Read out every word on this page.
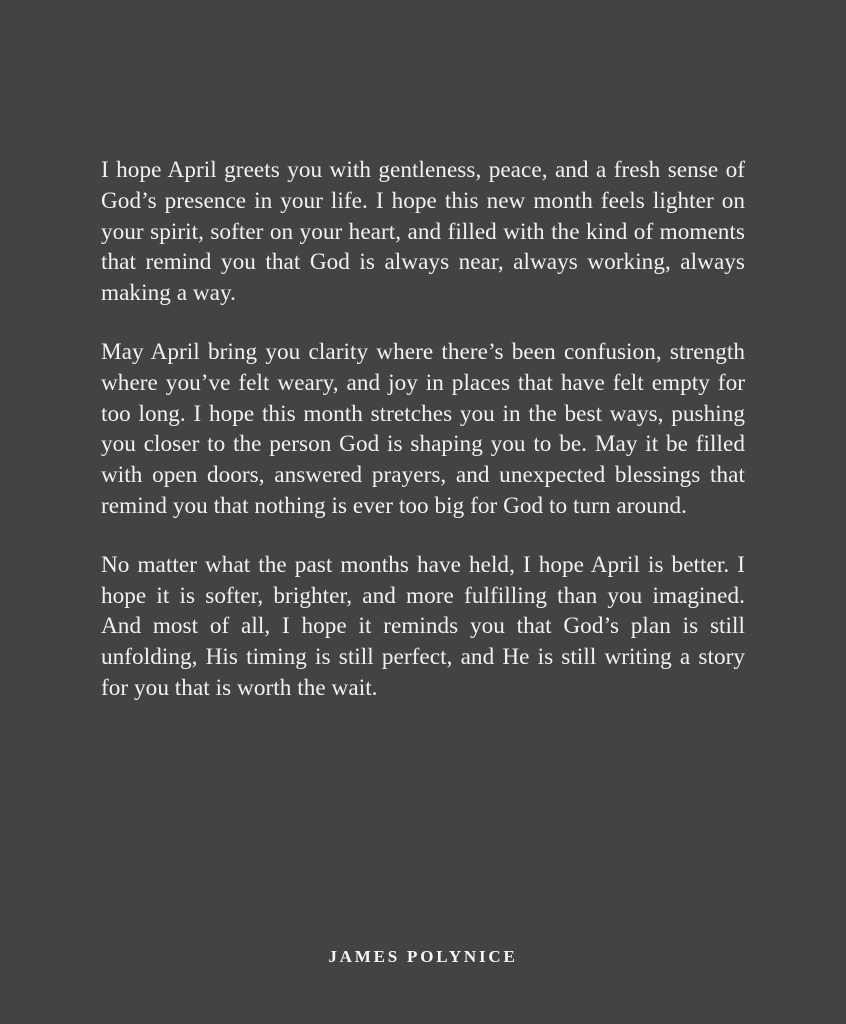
I hope April greets you with gentleness, peace, and a fresh sense of God’s presence in your life. I hope this new month feels lighter on your spirit, softer on your heart, and filled with the kind of moments that remind you that God is always near, always working, always making a way.

May April bring you clarity where there’s been confusion, strength where you’ve felt weary, and joy in places that have felt empty for too long. I hope this month stretches you in the best ways, pushing you closer to the person God is shaping you to be. May it be filled with open doors, answered prayers, and unexpected blessings that remind you that nothing is ever too big for God to turn around.

No matter what the past months have held, I hope April is better. I hope it is softer, brighter, and more fulfilling than you imagined. And most of all, I hope it reminds you that God’s plan is still unfolding, His timing is still perfect, and He is still writing a story for you that is worth the wait.

JAMES POLYNICE
